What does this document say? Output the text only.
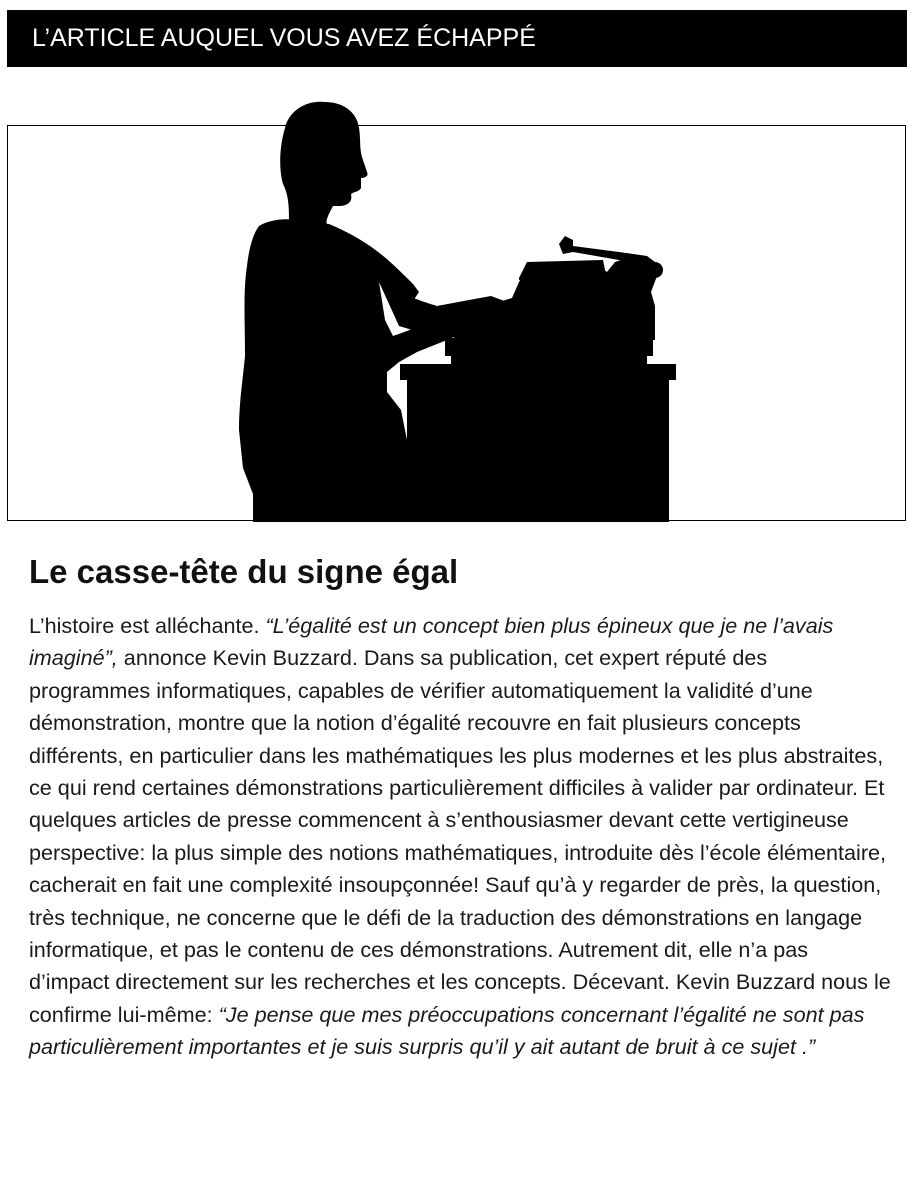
L’ARTICLE AUQUEL VOUS AVEZ ÉCHAPPÉ
Le casse-tête du signe égal
L’histoire est alléchante. “L’égalité est un concept bien plus épineux que je ne l’avais imaginé”, annonce Kevin Buzzard. Dans sa publication, cet expert réputé des programmes informatiques, capables de vérifier automatiquement la validité d’une démonstration, montre que la notion d’égalité recouvre en fait plusieurs concepts différents, en particulier dans les mathématiques les plus modernes et les plus abstraites, ce qui rend certaines démonstrations particulièrement difficiles à valider par ordinateur. Et quelques articles de presse commencent à s’enthousiasmer devant cette vertigineuse perspective: la plus simple des notions mathématiques, introduite dès l’école élémentaire, cacherait en fait une complexité insoupçonnée! Sauf qu’à y regarder de près, la question, très technique, ne concerne que le défi de la traduction des démonstrations en langage informatique, et pas le contenu de ces démonstrations. Autrement dit, elle n’a pas d’impact directement sur les recherches et les concepts. Décevant. Kevin Buzzard nous le confirme lui-même: “Je pense que mes préoccupations concernant l’égalité ne sont pas particulièrement importantes et je suis surpris qu’il y ait autant de bruit à ce sujet .”
